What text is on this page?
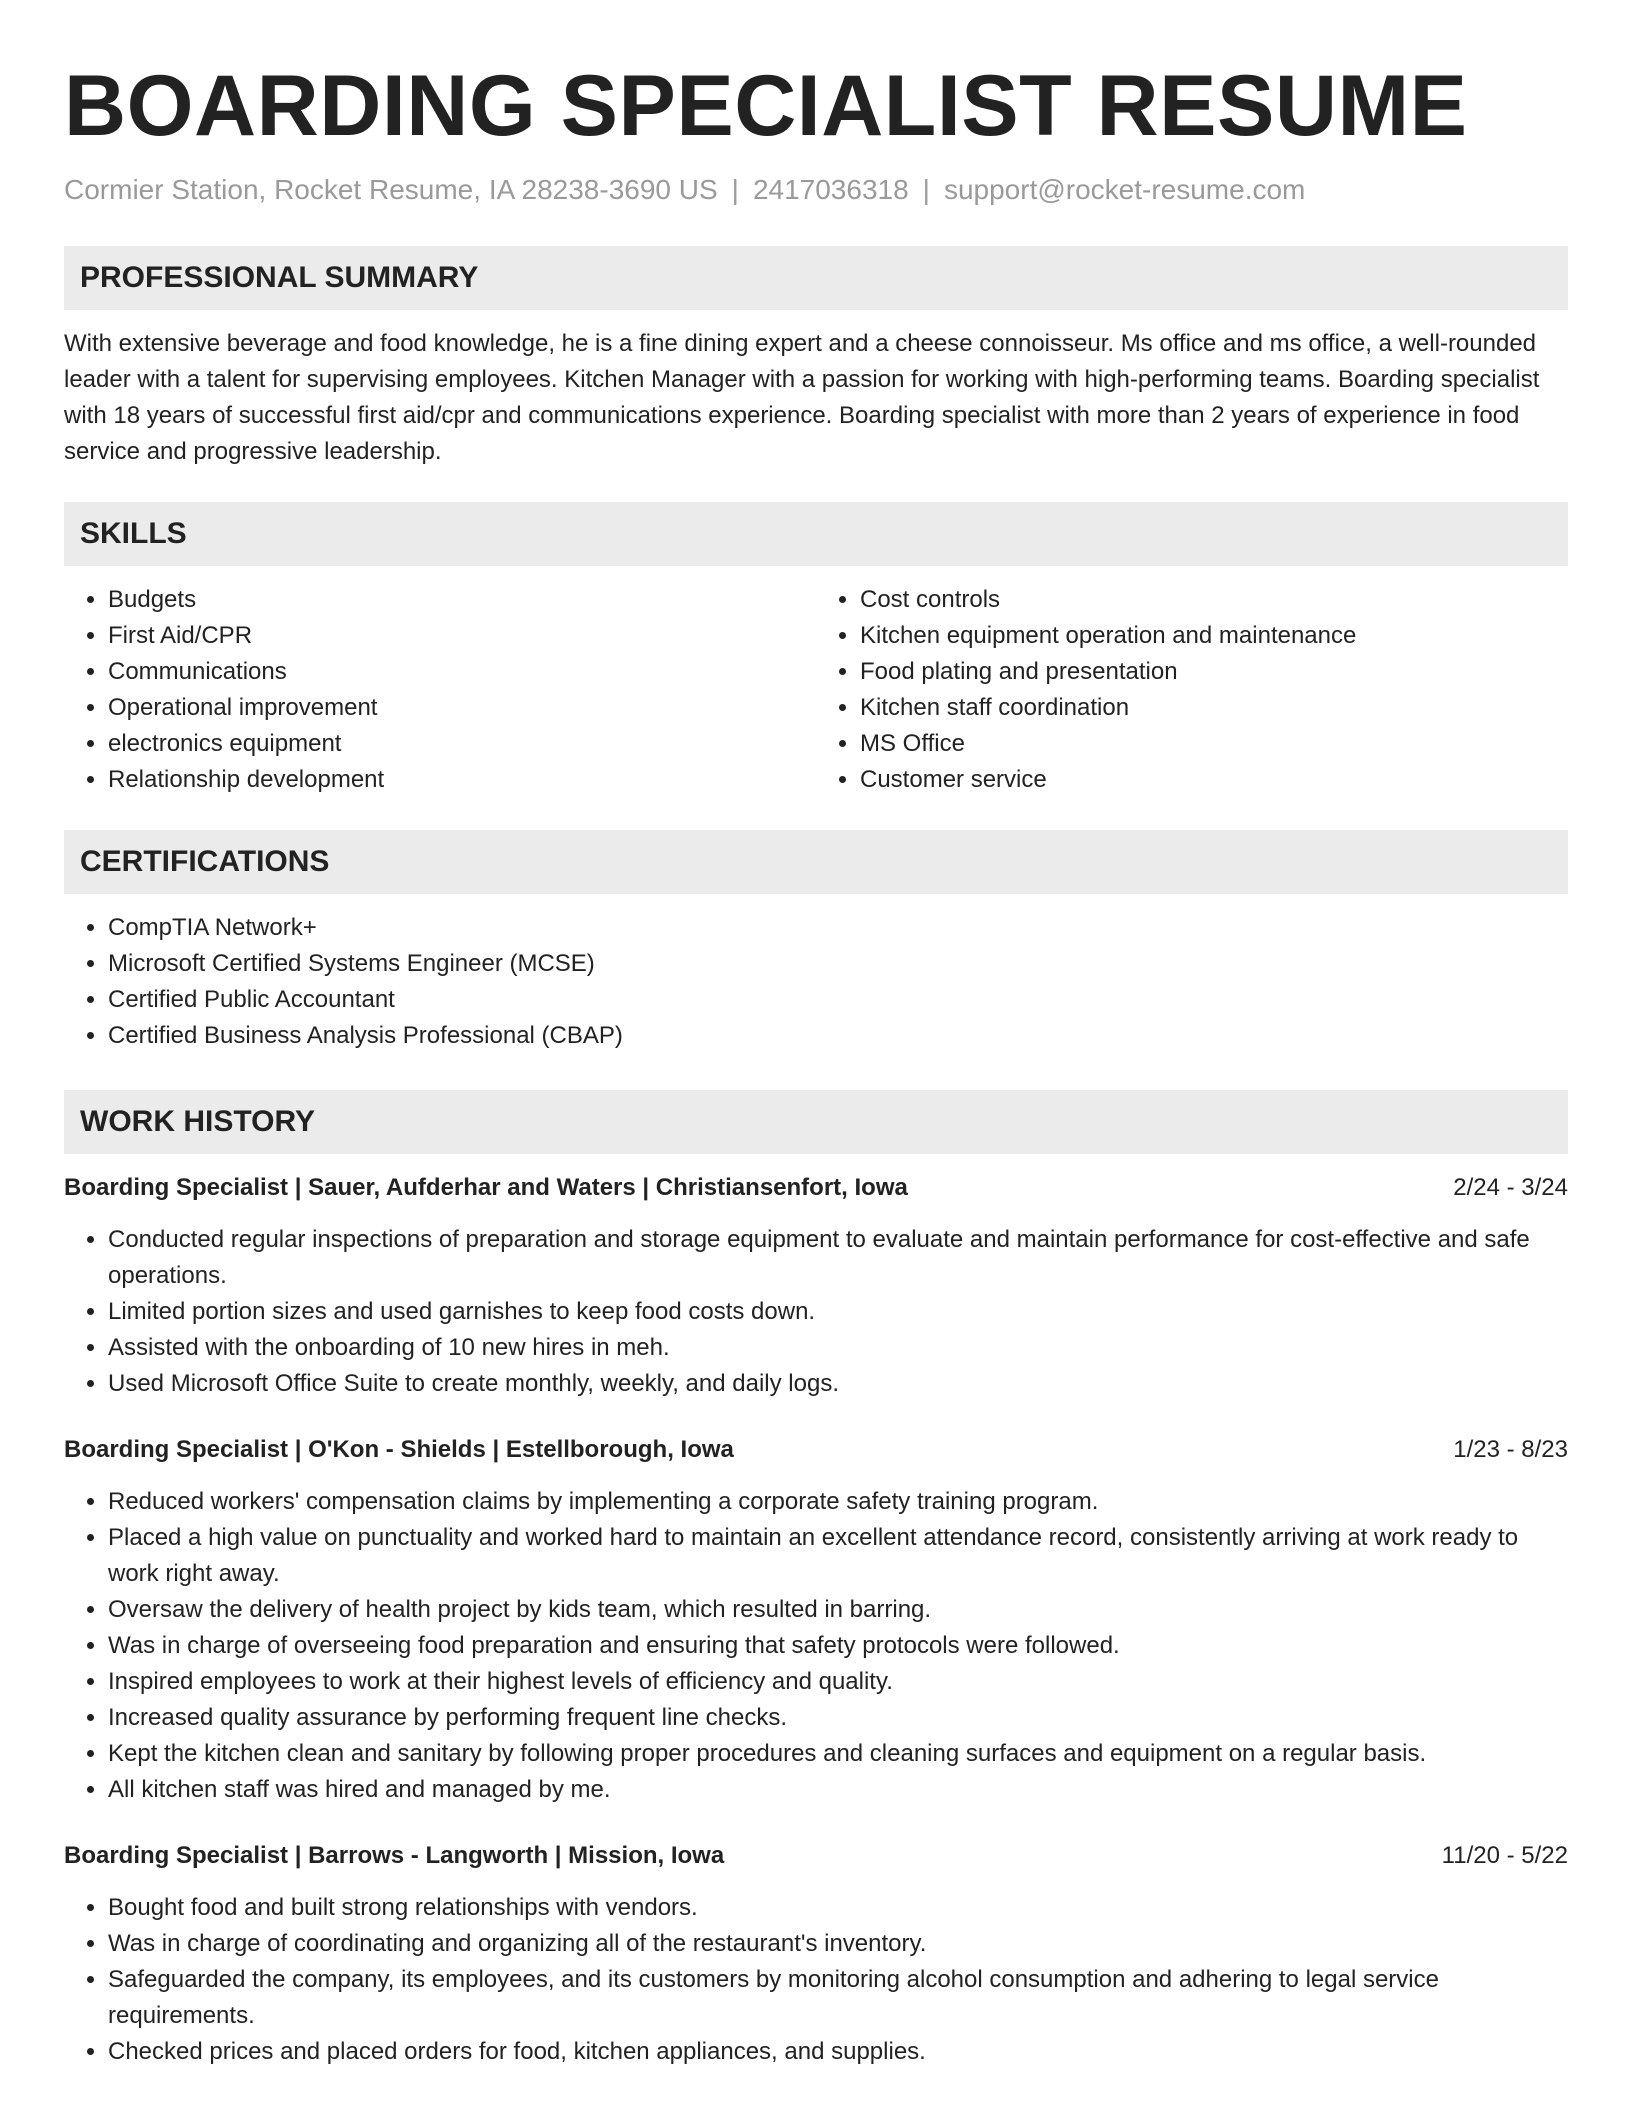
BOARDING SPECIALIST RESUME
Cormier Station, Rocket Resume, IA 28238-3690 US | 2417036318 | support@rocket-resume.com
PROFESSIONAL SUMMARY

With extensive beverage and food knowledge, he is a fine dining expert and a cheese connoisseur. Ms office and ms office, a well-rounded leader with a talent for supervising employees. Kitchen Manager with a passion for working with high-performing teams. Boarding specialist with 18 years of successful first aid/cpr and communications experience. Boarding specialist with more than 2 years of experience in food service and progressive leadership.

SKILLS
• Budgets
• First Aid/CPR
• Communications
• Operational improvement
• electronics equipment
• Relationship development
• Cost controls
• Kitchen equipment operation and maintenance
• Food plating and presentation
• Kitchen staff coordination
• MS Office
• Customer service
CERTIFICATIONS
• CompTIA Network+
• Microsoft Certified Systems Engineer (MCSE)
• Certified Public Accountant
• Certified Business Analysis Professional (CBAP)
WORK HISTORY
Boarding Specialist | Sauer, Aufderhar and Waters | Christiansenfort, Iowa	2/24 - 3/24
• Conducted regular inspections of preparation and storage equipment to evaluate and maintain performance for cost-effective and safe operations.
• Limited portion sizes and used garnishes to keep food costs down.
• Assisted with the onboarding of 10 new hires in meh.
• Used Microsoft Office Suite to create monthly, weekly, and daily logs.
Boarding Specialist | O'Kon - Shields | Estellborough, Iowa	1/23 - 8/23
• Reduced workers' compensation claims by implementing a corporate safety training program.
• Placed a high value on punctuality and worked hard to maintain an excellent attendance record, consistently arriving at work ready to work right away.
• Oversaw the delivery of health project by kids team, which resulted in barring.
• Was in charge of overseeing food preparation and ensuring that safety protocols were followed.
• Inspired employees to work at their highest levels of efficiency and quality.
• Increased quality assurance by performing frequent line checks.
• Kept the kitchen clean and sanitary by following proper procedures and cleaning surfaces and equipment on a regular basis.
• All kitchen staff was hired and managed by me.
Boarding Specialist | Barrows - Langworth | Mission, Iowa	11/20 - 5/22
• Bought food and built strong relationships with vendors.
• Was in charge of coordinating and organizing all of the restaurant's inventory.
• Safeguarded the company, its employees, and its customers by monitoring alcohol consumption and adhering to legal service requirements.
• Checked prices and placed orders for food, kitchen appliances, and supplies.
